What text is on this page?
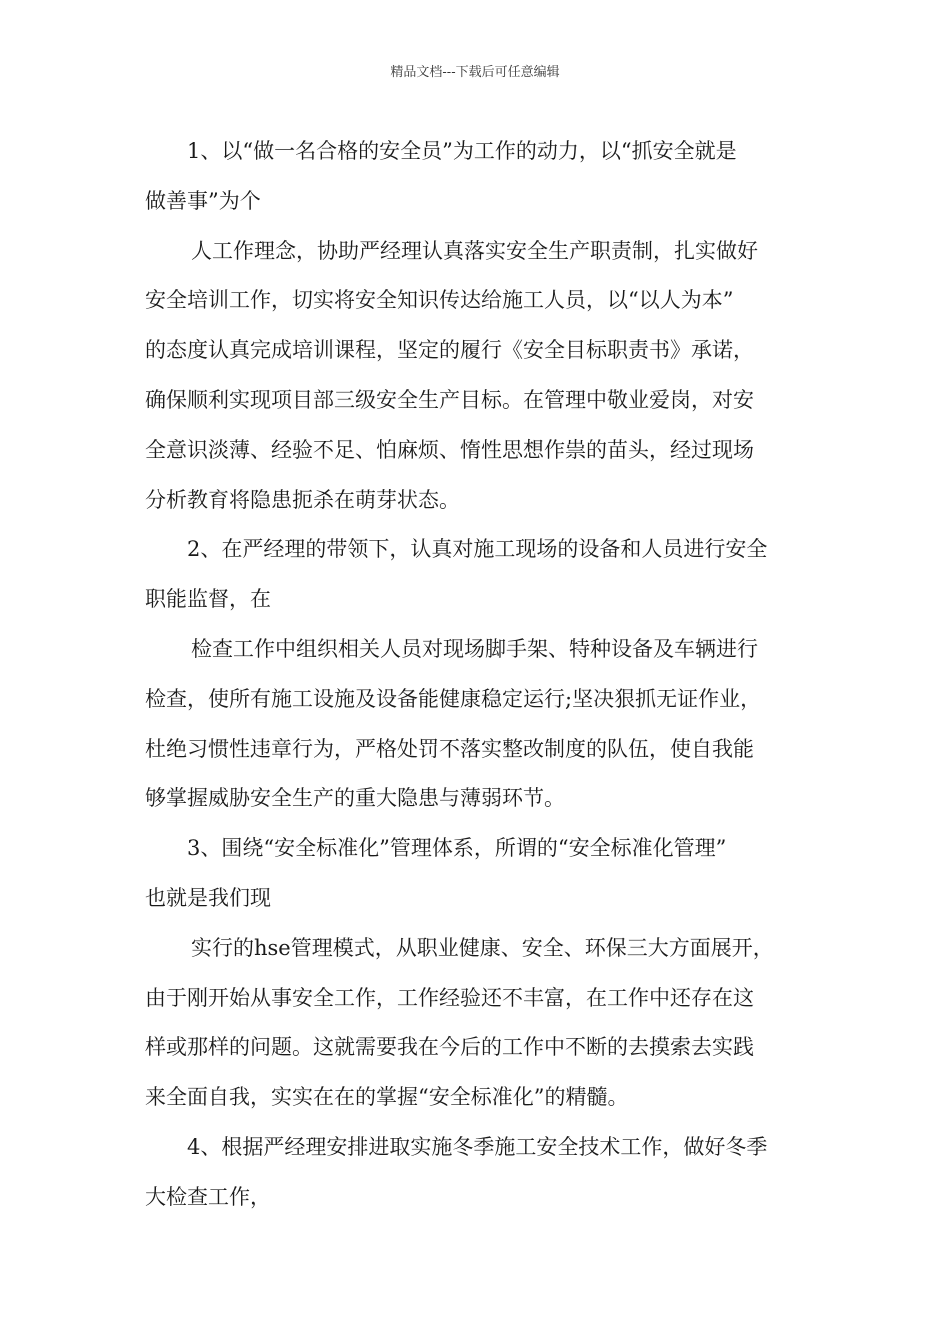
精品文档---下载后可任意编辑
1、以“做一名合格的安全员”为工作的动力，以“抓安全就是
做善事”为个
人工作理念，协助严经理认真落实安全生产职责制，扎实做好
安全培训工作，切实将安全知识传达给施工人员，以“以人为本”
的态度认真完成培训课程，坚定的履行《安全目标职责书》承诺，
确保顺利实现项目部三级安全生产目标。在管理中敬业爱岗，对安
全意识淡薄、经验不足、怕麻烦、惰性思想作祟的苗头，经过现场
分析教育将隐患扼杀在萌芽状态。
2、在严经理的带领下，认真对施工现场的设备和人员进行安全
职能监督，在
检查工作中组织相关人员对现场脚手架、特种设备及车辆进行
检查，使所有施工设施及设备能健康稳定运行;坚决狠抓无证作业，
杜绝习惯性违章行为，严格处罚不落实整改制度的队伍，使自我能
够掌握威胁安全生产的重大隐患与薄弱环节。
3、围绕“安全标准化”管理体系，所谓的“安全标准化管理”
也就是我们现
实行的hse管理模式，从职业健康、安全、环保三大方面展开，
由于刚开始从事安全工作，工作经验还不丰富，在工作中还存在这
样或那样的问题。这就需要我在今后的工作中不断的去摸索去实践
来全面自我，实实在在的掌握“安全标准化”的精髓。
4、根据严经理安排进取实施冬季施工安全技术工作，做好冬季
大检查工作，
